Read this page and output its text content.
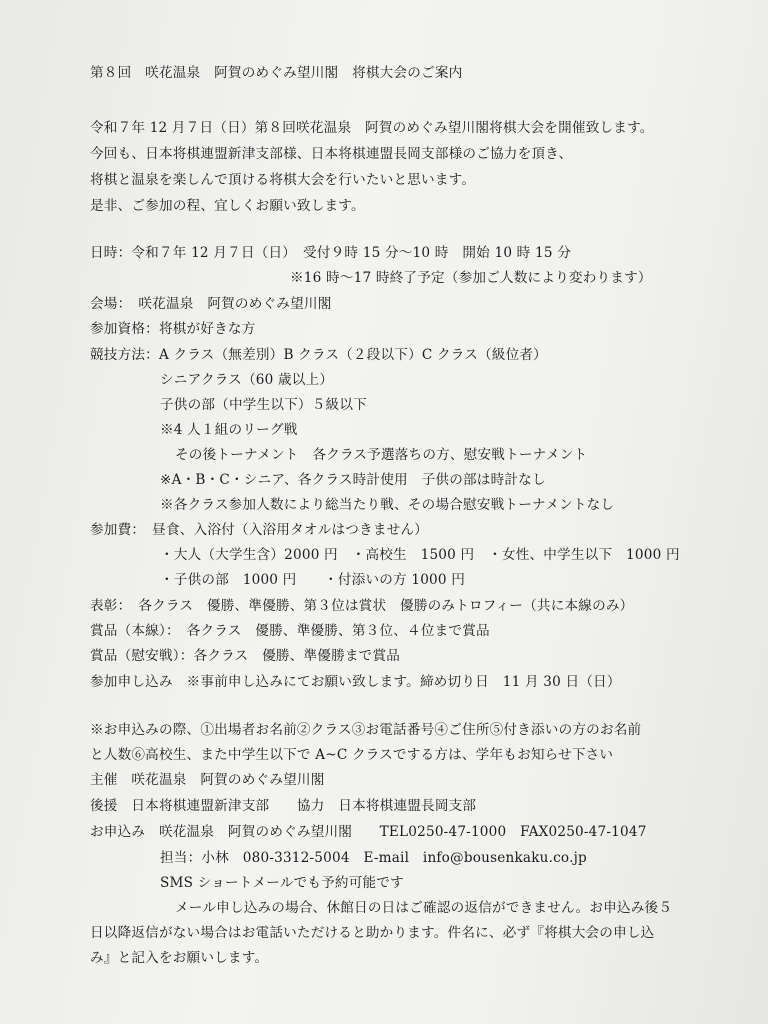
第８回　咲花温泉　阿賀のめぐみ望川閣　将棋大会のご案内
令和７年 12 月７日（日）第８回咲花温泉　阿賀のめぐみ望川閣将棋大会を開催致します。
今回も、日本将棋連盟新津支部様、日本将棋連盟長岡支部様のご協力を頂き、
将棋と温泉を楽しんで頂ける将棋大会を行いたいと思います。
是非、ご参加の程、宜しくお願い致します。
日時：令和７年 12 月７日（日）　受付９時 15 分～10 時　開始 10 時 15 分
※16 時～17 時終了予定（参加ご人数により変わります）
会場：　咲花温泉　阿賀のめぐみ望川閣
参加資格：将棋が好きな方
競技方法：A クラス（無差別）B クラス（２段以下）C クラス（級位者）
シニアクラス（60 歳以上）
子供の部（中学生以下）５級以下
※4 人１組のリーグ戦
その後トーナメント　各クラス予選落ちの方、慰安戦トーナメント
※A・B・C・シニア、各クラス時計使用　子供の部は時計なし
※各クラス参加人数により総当たり戦、その場合慰安戦トーナメントなし
参加費：　昼食、入浴付（入浴用タオルはつきません）
・大人（大学生含）2000 円　・高校生　1500 円　・女性、中学生以下　1000 円
・子供の部　1000 円　　・付添いの方 1000 円
表彰：　各クラス　優勝、準優勝、第３位は賞状　優勝のみトロフィー（共に本線のみ）
賞品（本線）：　各クラス　優勝、準優勝、第３位、４位まで賞品
賞品（慰安戦）：各クラス　優勝、準優勝まで賞品
参加申し込み　※事前申し込みにてお願い致します。締め切り日　11 月 30 日（日）
※お申込みの際、①出場者お名前②クラス③お電話番号④ご住所⑤付き添いの方のお名前
と人数⑥高校生、また中学生以下で A~C クラスでする方は、学年もお知らせ下さい
主催　咲花温泉　阿賀のめぐみ望川閣
後援　日本将棋連盟新津支部　　協力　日本将棋連盟長岡支部
お申込み　咲花温泉　阿賀のめぐみ望川閣　　TEL0250-47-1000　FAX0250-47-1047
担当：小林　080-3312-5004　E-mail　info@bousenkaku.co.jp
SMS ショートメールでも予約可能です
メール申し込みの場合、休館日の日はご確認の返信ができません。お申込み後５
日以降返信がない場合はお電話いただけると助かります。件名に、必ず『将棋大会の申し込
み』と記入をお願いします。
